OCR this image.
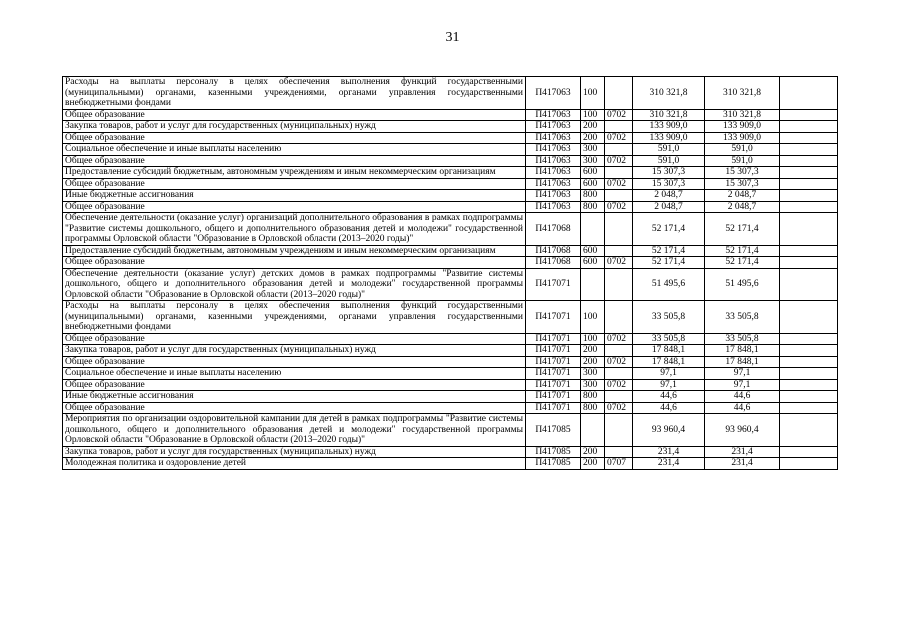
31
Расходы на выплаты персоналу в целях обеспечения выполнения функций государственными (муниципальными) органами, казенными учреждениями, органами управления государственными внебюджетными фондами	П417063	100		310 321,8	310 321,8	
Общее образование	П417063	100	0702	310 321,8	310 321,8	
Закупка товаров, работ и услуг для государственных (муниципальных) нужд	П417063	200		133 909,0	133 909,0	
Общее образование	П417063	200	0702	133 909,0	133 909,0	
Социальное обеспечение и иные выплаты населению	П417063	300		591,0	591,0	
Общее образование	П417063	300	0702	591,0	591,0	
Предоставление субсидий бюджетным, автономным учреждениям и иным некоммерческим организациям	П417063	600		15 307,3	15 307,3	
Общее образование	П417063	600	0702	15 307,3	15 307,3	
Иные бюджетные ассигнования	П417063	800		2 048,7	2 048,7	
Общее образование	П417063	800	0702	2 048,7	2 048,7	
Обеспечение деятельности (оказание услуг) организаций дополнительного образования в рамках подпрограммы "Развитие системы дошкольного, общего и дополнительного образования детей и молодежи" государственной программы Орловской области "Образование в Орловской области (2013–2020 годы)"	П417068			52 171,4	52 171,4	
Предоставление субсидий бюджетным, автономным учреждениям и иным некоммерческим организациям	П417068	600		52 171,4	52 171,4	
Общее образование	П417068	600	0702	52 171,4	52 171,4	
Обеспечение деятельности (оказание услуг) детских домов в рамках подпрограммы "Развитие системы дошкольного, общего и дополнительного образования детей и молодежи" государственной программы Орловской области "Образование в Орловской области (2013–2020 годы)"	П417071			51 495,6	51 495,6	
Расходы на выплаты персоналу в целях обеспечения выполнения функций государственными (муниципальными) органами, казенными учреждениями, органами управления государственными внебюджетными фондами	П417071	100		33 505,8	33 505,8	
Общее образование	П417071	100	0702	33 505,8	33 505,8	
Закупка товаров, работ и услуг для государственных (муниципальных) нужд	П417071	200		17 848,1	17 848,1	
Общее образование	П417071	200	0702	17 848,1	17 848,1	
Социальное обеспечение и иные выплаты населению	П417071	300		97,1	97,1	
Общее образование	П417071	300	0702	97,1	97,1	
Иные бюджетные ассигнования	П417071	800		44,6	44,6	
Общее образование	П417071	800	0702	44,6	44,6	
Мероприятия по организации оздоровительной кампании для детей в рамках подпрограммы "Развитие системы дошкольного, общего и дополнительного образования детей и молодежи" государственной программы Орловской области "Образование в Орловской области (2013–2020 годы)"	П417085			93 960,4	93 960,4	
Закупка товаров, работ и услуг для государственных (муниципальных) нужд	П417085	200		231,4	231,4	
Молодежная политика и оздоровление детей	П417085	200	0707	231,4	231,4	
